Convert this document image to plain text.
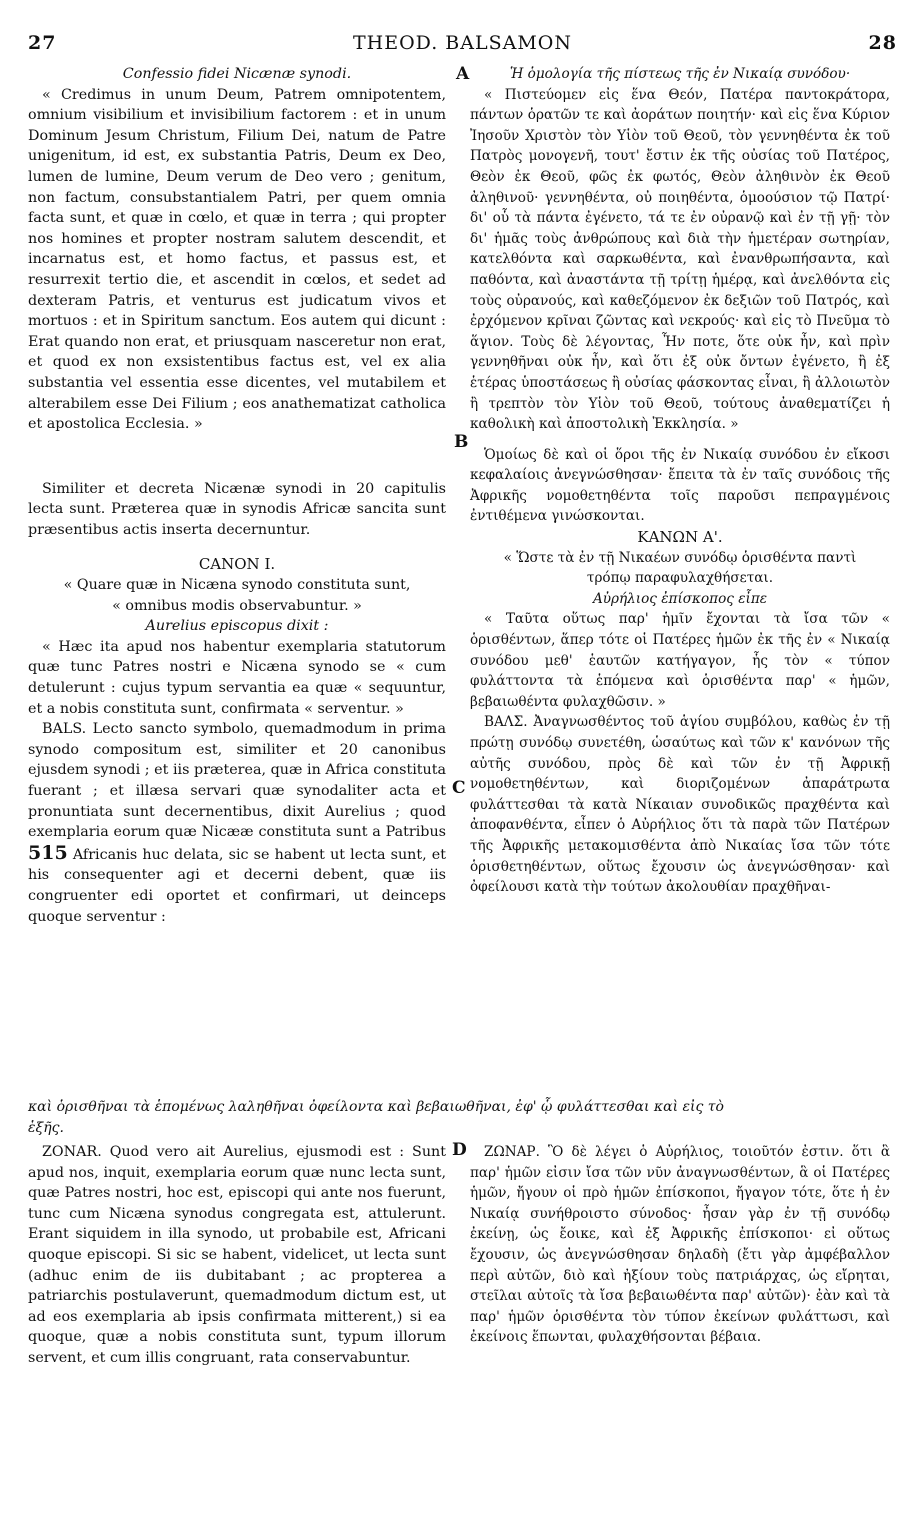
27	THEOD. BALSAMON	28
A
B
C
D

Confessio fidei Nicænæ synodi.

« Credimus in unum Deum, Patrem omnipotentem, omnium visibilium et invisibilium factorem : et in unum Dominum Jesum Christum, Filium Dei, natum de Patre unigenitum, id est, ex substantia Patris, Deum ex Deo, lumen de lumine, Deum verum de Deo vero ; genitum, non factum, consubstantialem Patri, per quem omnia facta sunt, et quæ in cœlo, et quæ in terra ; qui propter nos homines et propter nostram salutem descendit, et incarnatus est, et homo factus, et passus est, et resurrexit tertio die, et ascendit in cœlos, et sedet ad dexteram Patris, et venturus est judicatum vivos et mortuos : et in Spiritum sanctum. Eos autem qui dicunt : Erat quando non erat, et priusquam nasceretur non erat, et quod ex non exsistentibus factus est, vel ex alia substantia vel essentia esse dicentes, vel mutabilem et alterabilem esse Dei Filium ; eos anathematizat catholica et apostolica Ecclesia. »

Similiter et decreta Nicænæ synodi in 20 capitulis lecta sunt. Præterea quæ in synodis Africæ sancita sunt præsentibus actis inserta decernuntur.

CANON I.

« Quare quæ in Nicæna synodo constituta sunt,

« omnibus modis observabuntur. »

Aurelius episcopus dixit :

« Hæc ita apud nos habentur exemplaria statutorum quæ tunc Patres nostri e Nicæna synodo se « cum detulerunt : cujus typum servantia ea quæ « sequuntur, et a nobis constituta sunt, confirmata « serventur. »

BALS. Lecto sancto symbolo, quemadmodum in prima synodo compositum est, similiter et 20 canonibus ejusdem synodi ; et iis præterea, quæ in Africa constituta fuerant ; et illæsa servari quæ synodaliter acta et pronuntiata sunt decernentibus, dixit Aurelius ; quod exemplaria eorum quæ Nicææ constituta sunt a Patribus 515 Africanis huc delata, sic se habent ut lecta sunt, et his consequenter agi et decerni debent, quæ iis congruenter edi oportet et confirmari, ut deinceps quoque serventur :

Ἡ ὁμολογία τῆς πίστεως τῆς ἐν Νικαίᾳ συνόδου·

« Πιστεύομεν εἰς ἕνα Θεόν, Πατέρα παντοκράτορα, πάντων ὁρατῶν τε καὶ ἀοράτων ποιητήν· καὶ εἰς ἕνα Κύριον Ἰησοῦν Χριστὸν τὸν Υἱὸν τοῦ Θεοῦ, τὸν γεννηθέντα ἐκ τοῦ Πατρὸς μονογενῆ, τουτ' ἔστιν ἐκ τῆς οὐσίας τοῦ Πατέρος, Θεὸν ἐκ Θεοῦ, φῶς ἐκ φωτός, Θεὸν ἀληθινὸν ἐκ Θεοῦ ἀληθινοῦ· γεννηθέντα, οὐ ποιηθέντα, ὁμοούσιον τῷ Πατρί· δι' οὗ τὰ πάντα ἐγένετο, τά τε ἐν οὐρανῷ καὶ ἐν τῇ γῇ· τὸν δι' ἡμᾶς τοὺς ἀνθρώπους καὶ διὰ τὴν ἡμετέραν σωτηρίαν, κατελθόντα καὶ σαρκωθέντα, καὶ ἐνανθρωπήσαντα, καὶ παθόντα, καὶ ἀναστάντα τῇ τρίτῃ ἡμέρᾳ, καὶ ἀνελθόντα εἰς τοὺς οὐρανούς, καὶ καθεζόμενον ἐκ δεξιῶν τοῦ Πατρός, καὶ ἐρχόμενον κρῖναι ζῶντας καὶ νεκρούς· καὶ εἰς τὸ Πνεῦμα τὸ ἅγιον. Τοὺς δὲ λέγοντας, Ἦν ποτε, ὅτε οὐκ ἦν, καὶ πρὶν γεννηθῆναι οὐκ ἦν, καὶ ὅτι ἐξ οὐκ ὄντων ἐγένετο, ἢ ἐξ ἑτέρας ὑποστάσεως ἢ οὐσίας φάσκοντας εἶναι, ἢ ἀλλοιωτὸν ἢ τρεπτὸν τὸν Υἱὸν τοῦ Θεοῦ, τούτους ἀναθεματίζει ἡ καθολικὴ καὶ ἀποστολικὴ Ἐκκλησία. »

Ὁμοίως δὲ καὶ οἱ ὅροι τῆς ἐν Νικαίᾳ συνόδου ἐν εἴκοσι κεφαλαίοις ἀνεγνώσθησαν· ἔπειτα τὰ ἐν ταῖς συνόδοις τῆς Ἀφρικῆς νομοθετηθέντα τοῖς παροῦσι πεπραγμένοις ἐντιθέμενα γινώσκονται.

ΚΑΝΩΝ Α'.

« Ὥστε τὰ ἐν τῇ Νικαέων συνόδῳ ὁρισθέντα παντὶ

τρόπῳ παραφυλαχθήσεται.

Αὐρήλιος ἐπίσκοπος εἶπε

« Ταῦτα οὕτως παρ' ἡμῖν ἔχονται τὰ ἴσα τῶν « ὁρισθέντων, ἅπερ τότε οἱ Πατέρες ἡμῶν ἐκ τῆς ἐν « Νικαίᾳ συνόδου μεθ' ἑαυτῶν κατήγαγον, ἧς τὸν « τύπον φυλάττοντα τὰ ἑπόμενα καὶ ὁρισθέντα παρ' « ἡμῶν, βεβαιωθέντα φυλαχθῶσιν. »

ΒΑΛΣ. Ἀναγνωσθέντος τοῦ ἁγίου συμβόλου, καθὼς ἐν τῇ πρώτῃ συνόδῳ συνετέθη, ὡσαύτως καὶ τῶν κ' κανόνων τῆς αὐτῆς συνόδου, πρὸς δὲ καὶ τῶν ἐν τῇ Ἀφρικῇ νομοθετηθέντων, καὶ διοριζομένων ἀπαράτρωτα φυλάττεσθαι τὰ κατὰ Νίκαιαν συνοδικῶς πραχθέντα καὶ ἀποφανθέντα, εἶπεν ὁ Αὐρήλιος ὅτι τὰ παρὰ τῶν Πατέρων τῆς Ἀφρικῆς μετακομισθέντα ἀπὸ Νικαίας ἴσα τῶν τότε ὁρισθετηθέντων, οὕτως ἔχουσιν ὡς ἀνεγνώσθησαν· καὶ ὀφείλουσι κατὰ τὴν τούτων ἀκολουθίαν πραχθῆναι-

καὶ ὁρισθῆναι τὰ ἑπομένως λαληθῆναι ὀφείλοντα καὶ βεβαιωθῆναι, ἐφ' ᾧ φυλάττεσθαι καὶ εἰς τὸ
ἑξῆς.

ZONAR. Quod vero ait Aurelius, ejusmodi est : Sunt apud nos, inquit, exemplaria eorum quæ nunc lecta sunt, quæ Patres nostri, hoc est, episcopi qui ante nos fuerunt, tunc cum Nicæna synodus congregata est, attulerunt. Erant siquidem in illa synodo, ut probabile est, Africani quoque episcopi. Si sic se habent, videlicet, ut lecta sunt (adhuc enim de iis dubitabant ; ac propterea a patriarchis postulaverunt, quemadmodum dictum est, ut ad eos exemplaria ab ipsis confirmata mitterent,) si ea quoque, quæ a nobis constituta sunt, typum illorum servent, et cum illis congruant, rata conservabuntur.

ΖΩΝΑΡ. Ὃ δὲ λέγει ὁ Αὐρήλιος, τοιοῦτόν ἐστιν. ὅτι ἃ παρ' ἡμῶν εἰσιν ἴσα τῶν νῦν ἀναγνωσθέντων, ἃ οἱ Πατέρες ἡμῶν, ἤγουν οἱ πρὸ ἡμῶν ἐπίσκοποι, ἤγαγον τότε, ὅτε ἡ ἐν Νικαίᾳ συνήθροιστο σύνοδος· ἦσαν γὰρ ἐν τῇ συνόδῳ ἐκείνῃ, ὡς ἔοικε, καὶ ἐξ Ἀφρικῆς ἐπίσκοποι· εἰ οὕτως ἔχουσιν, ὡς ἀνεγνώσθησαν δηλαδὴ (ἔτι γὰρ ἀμφέβαλλον περὶ αὐτῶν, διὸ καὶ ἠξίουν τοὺς πατριάρχας, ὡς εἴρηται, στεῖλαι αὐτοῖς τὰ ἴσα βεβαιωθέντα παρ' αὐτῶν)· ἐὰν καὶ τὰ παρ' ἡμῶν ὁρισθέντα τὸν τύπον ἐκείνων φυλάττωσι, καὶ ἐκείνοις ἕπωνται, φυλαχθήσονται βέβαια.
